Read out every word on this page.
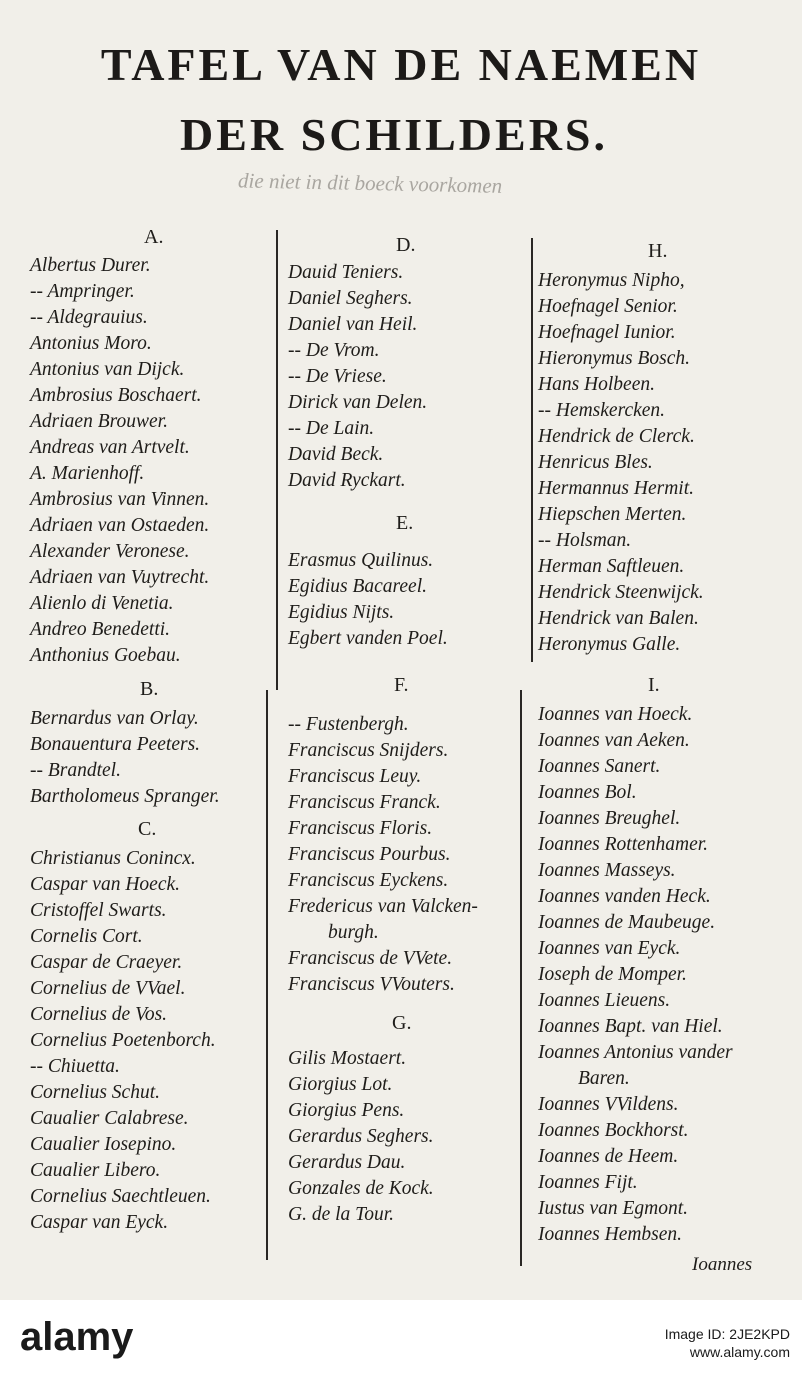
TAFEL VAN DE NAEMEN
DER SCHILDERS.
die niet in dit boeck voorkomen
A.
Albertus Durer.
-- Ampringer.
-- Aldegrauius.
Antonius Moro.
Antonius van Dijck.
Ambrosius Boschaert.
Adriaen Brouwer.
Andreas van Artvelt.
A. Marienhoff.
Ambrosius van Vinnen.
Adriaen van Ostaeden.
Alexander Veronese.
Adriaen van Vuytrecht.
Alienlo di Venetia.
Andreo Benedetti.
Anthonius Goebau.
B.
Bernardus van Orlay.
Bonauentura Peeters.
-- Brandtel.
Bartholomeus Spranger.
C.
Christianus Conincx.
Caspar van Hoeck.
Cristoffel Swarts.
Cornelis Cort.
Caspar de Craeyer.
Cornelius de VVael.
Cornelius de Vos.
Cornelius Poetenborch.
-- Chiuetta.
Cornelius Schut.
Caualier Calabrese.
Caualier Iosepino.
Caualier Libero.
Cornelius Saechtleuen.
Caspar van Eyck.
D.
Dauid Teniers.
Daniel Seghers.
Daniel van Heil.
-- De Vrom.
-- De Vriese.
Dirick van Delen.
-- De Lain.
David Beck.
David Ryckart.
E.
Erasmus Quilinus.
Egidius Bacareel.
Egidius Nijts.
Egbert vanden Poel.
F.
-- Fustenbergh.
Franciscus Snijders.
Franciscus Leuy.
Franciscus Franck.
Franciscus Floris.
Franciscus Pourbus.
Franciscus Eyckens.
Fredericus van Valcken-
burgh.
Franciscus de VVete.
Franciscus VVouters.
G.
Gilis Mostaert.
Giorgius Lot.
Giorgius Pens.
Gerardus Seghers.
Gerardus Dau.
Gonzales de Kock.
G. de la Tour.
H.
Heronymus Nipho,
Hoefnagel Senior.
Hoefnagel Iunior.
Hieronymus Bosch.
Hans Holbeen.
-- Hemskercken.
Hendrick de Clerck.
Henricus Bles.
Hermannus Hermit.
Hiepschen Merten.
-- Holsman.
Herman Saftleuen.
Hendrick Steenwijck.
Hendrick van Balen.
Heronymus Galle.
I.
Ioannes van Hoeck.
Ioannes van Aeken.
Ioannes Sanert.
Ioannes Bol.
Ioannes Breughel.
Ioannes Rottenhamer.
Ioannes Masseys.
Ioannes vanden Heck.
Ioannes de Maubeuge.
Ioannes van Eyck.
Ioseph de Momper.
Ioannes Lieuens.
Ioannes Bapt. van Hiel.
Ioannes Antonius vander
Baren.
Ioannes VVildens.
Ioannes Bockhorst.
Ioannes de Heem.
Ioannes Fijt.
Iustus van Egmont.
Ioannes Hembsen.
Ioannes
alamy	Image ID: 2JE2KPD
www.alamy.com
